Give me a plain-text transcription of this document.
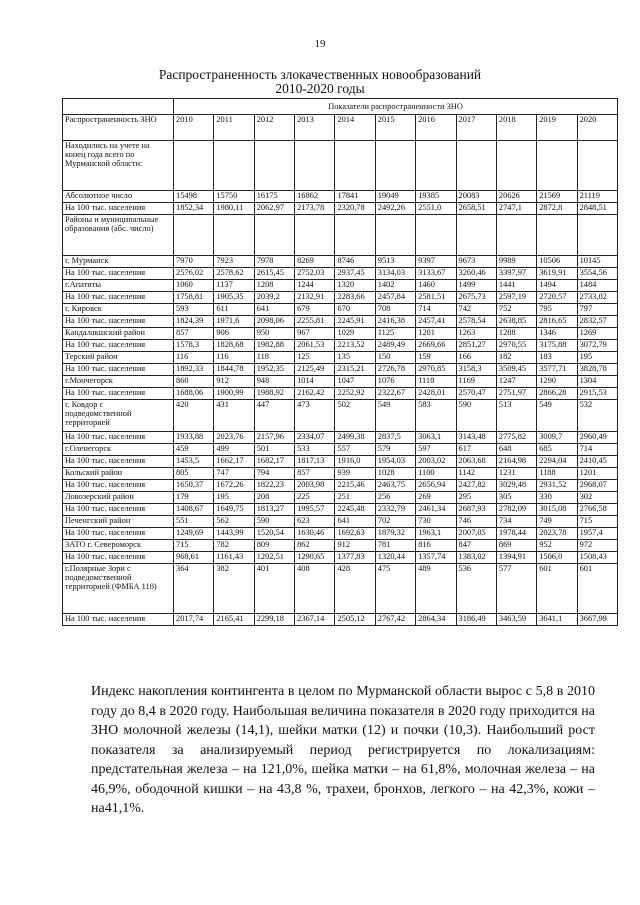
19
Распространенность злокачественных новообразований
2010-2020 годы
	Показатели распространенности ЗНО										
Распространенность ЗНО	2010	2011	2012	2013	2014	2015	2016	2017	2018	2019	2020
Находились на учете на конец года всего по Мурманской области:											
Абсолютное число	15498	15750	16175	16862	17841	19049	19385	20083	20626	21569	21119
На 100 тыс. населения	1852,34	1980,11	2062,97	2173,78	2320,78	2492,26	2551,0	2658,51	2747,1	2872,8	2848,51
Районы и муниципальные образования (абс. число)											
г. Мурманск	7970	7923	7978	8269	8746	9513	9397	9673	9989	10506	10145
На 100 тыс. населения	2576,02	2578,62	2615,45	2752,03	2937,45	3134,03	3133,67	3260,46	3397,97	3619,91	3554,56
г.Апатиты	1060	1137	1208	1244	1320	1402	1460	1499	1441	1494	1484
На 100 тыс. населения	1758,81	1905,35	2039,2	2132,91	2283,66	2457,84	2581,51	2675,73	2597,19	2720,57	2733,02
г. Кировск	593	611	641	679	670	708	714	742	752	795	797
На 100 тыс. населения	1824,39	1971,6	2098,06	2255,81	2245,91	2416,38	2457,41	2578,54	2638,85	2816,65	2832,57
Кандалакшский район	857	906	950	967	1029	1125	1201	1263	1288	1346	1269
На 100 тыс. населения	1578,3	1828,68	1982,88	2061,53	2213,52	2489,49	2669,66	2851,27	2970,55	3175,88	3072,79
Терский район	116	116	118	125	135	150	159	166	182	183	195
На 100 тыс. населения	1892,33	1844,78	1952,35	2125,49	2315,21	2726,78	2970,85	3158,3	3509,45	3577,71	3828,78
г.Мончегорск	860	912	948	1014	1047	1076	1118	1169	1247	1290	1304
На 100 тыс. населения	1688,06	1900,99	1988,92	2162,42	2252,92	2322,67	2428,01	2570,47	2751,97	2866,28	2915,53
г. Ковдор с подведомственной территорией	420	431	447	473	502	549	583	590	513	549	532
На 100 тыс. населения	1933,88	2023,76	2157,96	2334,07	2499,38	2837,5	3063,1	3143,48	2775,82	3009,7	2960,49
г.Оленегорск	459	499	501	533	557	579	597	617	648	685	714
На 100 тыс. населения	1453,5	1662,17	1682,17	1817,13	1916,0	1954,03	2003,02	2063,68	2164,98	2294,04	2410,45
Кольский район	805	747	794	857	939	1028	1100	1142	1231	1188	1201
На 100 тыс. населения	1650,37	1672,26	1822,23	2003,98	2215,46	2463,75	2656,94	2427,82	3029,48	2931,52	2968,07
Ловозерский район	179	195	208	225	251	256	269	295	305	330	302
На 100 тыс. населения	1408,67	1649,75	1813,27	1995,57	2245,48	2332,79	2461,34	2687,93	2782,09	3015,08	2766,58
Печенгский район	551	562	590	623	641	702	730	746	734	749	715
На 100 тыс. населения	1249,69	1443,99	1520,54	1630,46	1692,63	1879,32	1963,1	2007,05	1978,44	2023,78	1957,4
ЗАТО г. Североморск	715	782	809	862	912	781	816	847	869	952	972
На 100 тыс. населения	968,61	1161,43	1202,51	1290,65	1377,83	1320,44	1357,74	1383,02	1394,91	1506,0	1508,43
г.Полярные Зори с подведомственной территорией (ФМБА 118)	364	382	401	408	428	475	489	536	577	601	601
На 100 тыс. населения	2017,74	2165,41	2299,18	2367,14	2505,12	2767,42	2864,34	3186,49	3463,59	3641,1	3667,99
Индекс накопления контингента в целом по Мурманской области вырос с 5,8 в 2010 году до 8,4 в 2020 году. Наибольшая величина показателя в 2020 году приходится на ЗНО молочной железы (14,1), шейки матки (12) и почки (10,3). Наибольший рост показателя за анализируемый период регистрируется по локализациям: предстательная железа – на 121,0%, шейка матки – на 61,8%, молочная железа – на 46,9%, ободочной кишки – на 43,8 %, трахеи, бронхов, легкого – на 42,3%, кожи – на41,1%.
